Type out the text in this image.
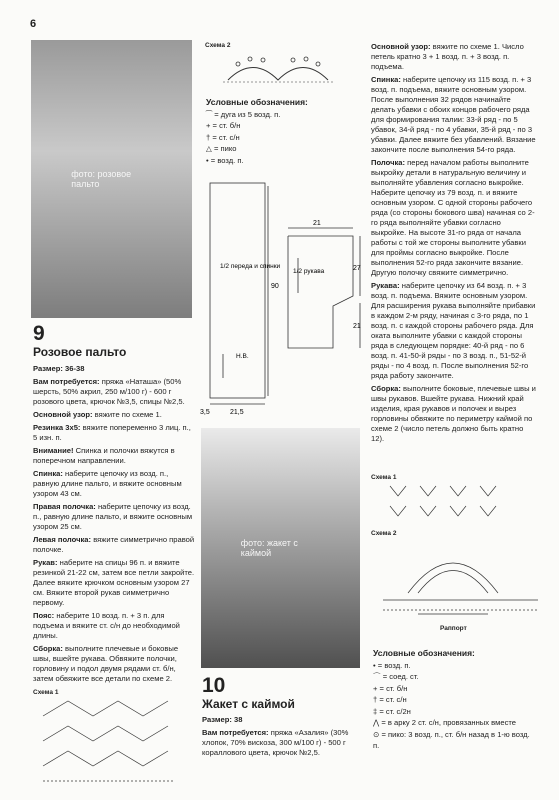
6
фото: розовое пальто
Схема 2
Условные обозначения:
⁀ = дуга из 5 возд. п.
+ = ст. б/н
† = ст. с/н
△ = пико
• = возд. п.
1/2 переда и спинки
1/2 рукава
Н.В.
90
3,5	21,5
21
27
21
9
Розовое пальто

Размер: 36-38

Вам потребуется: пряжа «Наташа» (50% шерсть, 50% акрил, 250 м/100 г) - 600 г розового цвета, крючок №3,5, спицы №2,5.

Основной узор: вяжите по схеме 1.

Резинка 3х5: вяжите попеременно 3 лиц. п., 5 изн. п.

Внимание! Спинка и полочки вяжутся в поперечном направлении.

Спинка: наберите цепочку из возд. п., равную длине пальто, и вяжите основным узором 43 см.

Правая полочка: наберите цепочку из возд. п., равную длине пальто, и вяжите основным узором 25 см.

Левая полочка: вяжите симметрично правой полочке.

Рукав: наберите на спицы 96 п. и вяжите резинкой 21-22 см, затем все петли закройте. Далее вяжите крючком основным узором 27 см. Вяжите второй рукав симметрично первому.

Пояс: наберите 10 возд. п. + 3 п. для подъема и вяжите ст. с/н до необходимой длины.

Сборка: выполните плечевые и боковые швы, вшейте рукава. Обвяжите полочки, горловину и подол двумя рядами ст. б/н, затем обвяжите все детали по схеме 2.

Схема 1

Основной узор: вяжите по схеме 1. Число петель кратно 3 + 1 возд. п. + 3 возд. п. подъема.

Спинка: наберите цепочку из 115 возд. п. + 3 возд. п. подъема, вяжите основным узором. После выполнения 32 рядов начинайте делать убавки с обоих концов рабочего ряда для формирования талии: 33-й ряд - по 5 убавок, 34-й ряд - по 4 убавки, 35-й ряд - по 3 убавки. Далее вяжите без убавлений. Вязание закончите после выполнения 54-го ряда.

Полочка: перед началом работы выполните выкройку детали в натуральную величину и выполняйте убавления согласно выкройке. Наберите цепочку из 79 возд. п. и вяжите основным узором. С одной стороны рабочего ряда (со стороны бокового шва) начиная со 2-го ряда выполняйте убавки согласно выкройке. На высоте 31-го ряда от начала работы с той же стороны выполните убавки для проймы согласно выкройке. После выполнения 52-го ряда закончите вязание. Другую полочку свяжите симметрично.

Рукава: наберите цепочку из 64 возд. п. + 3 возд. п. подъема. Вяжите основным узором. Для расширения рукава выполняйте прибавки в каждом 2-м ряду, начиная с 3-го ряда, по 1 возд. п. с каждой стороны рабочего ряда. Для оката выполните убавки с каждой стороны ряда в следующем порядке: 40-й ряд - по 6 возд. п. 41-50-й ряды - по 3 возд. п., 51-52-й ряды - по 4 возд. п. После выполнения 52-го ряда работу закончите.

Сборка: выполните боковые, плечевые швы и швы рукавов. Вшейте рукава. Нижний край изделия, края рукавов и полочек и вырез горловины обвяжите по периметру каймой по схеме 2 (число петель должно быть кратно 12).

фото: жакет с каймой
10
Жакет с каймой

Размер: 38

Вам потребуется: пряжа «Азалия» (30% хлопок, 70% вискоза, 300 м/100 г) - 500 г кораллового цвета, крючок №2,5.

Схема 1
Схема 2
Раппорт
Условные обозначения:
• = возд. п.
⌒ = соед. ст.
+ = ст. б/н
† = ст. с/н
‡ = ст. с/2н
⋀ = в арку 2 ст. с/н, провязанных вместе
⊙ = пико: 3 возд. п., ст. б/н назад в 1-ю возд. п.
